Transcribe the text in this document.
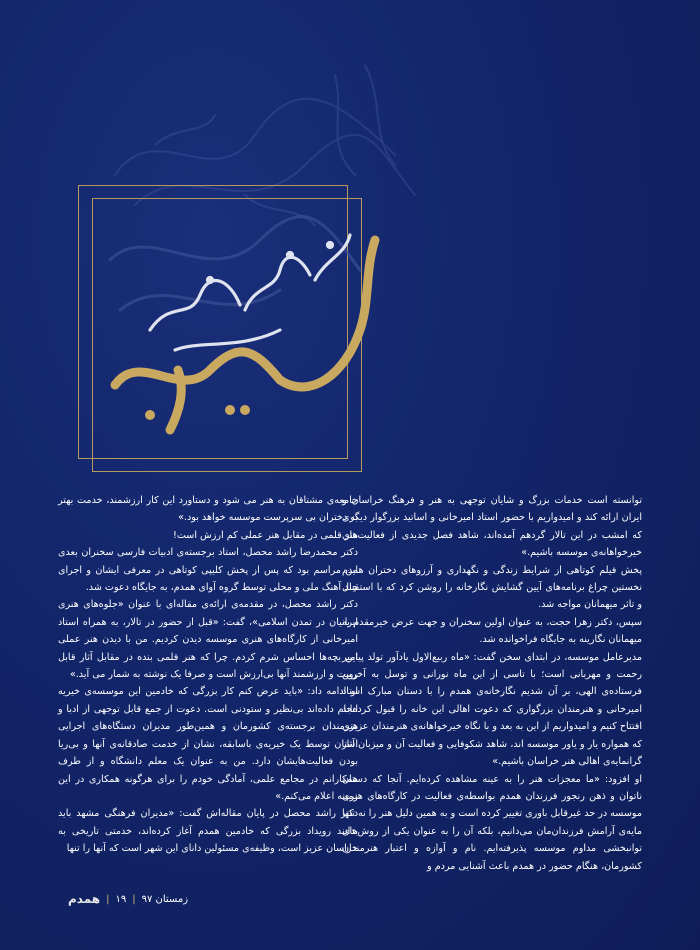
توانسته است خدمات بزرگ و شایان توجهی به هنر و فرهنگ خراسان و ایران ارائه کند و امیدواریم با حضور استاد امیرخانی و اساتید بزرگوار دیگری که امشب در این تالار گردهم آمده‌اند، شاهد فصل جدیدی از فعالیت‌های خیرخواهانه‌ی موسسه باشیم.»

پخش فیلم کوتاهی از شرایط زندگی و نگهداری و آرزوهای دختران همدم نخستین چراغ برنامه‌های آیین گشایش نگارخانه را روشن کرد که با استقبال و تاثر میهمانان مواجه شد.

سپس، دکتر زهرا حجت، به عنوان اولین سخنران و جهت عرض خیرمقدم به میهمانان نگارینه به جایگاه فراخوانده شد.

مدیرعامل موسسه، در ابتدای سخن گفت: «ماه ربیع‌الاول یادآور تولد پیامبر رحمت و مهربانی است؛ با تاسی از این ماه نورانی و توسل به آخرین فرستاده‌ی الهی، بر آن شدیم نگارخانه‌ی همدم را با دستان مبارک استاد امیرخانی و هنرمندان بزرگواری که دعوت اهالی این خانه را قبول کرده‌اند افتتاح کنیم و امیدواریم از این به بعد و با نگاه خیرخواهانه‌ی هنرمندان عزیزی که همواره یار و یاور موسسه اند، شاهد شکوفایی و فعالیت آن و میزبان آثار گرانمایه‌ی اهالی هنر خراسان باشیم.»

او افزود: «ما معجزات هنر را به عینه مشاهده کرده‌ایم. آنجا که دستان ناتوان و ذهن رنجور فرزندان همدم بواسطه‌ی فعالیت در کارگاه‌های هنری موسسه در حد غیرقابل باوری تغییر کرده است و به همین دلیل هنر را نه تنها مایه‌ی آرامش فرزندان‌مان می‌دانیم، بلکه آن را به عنوان یکی از روش‌های توانبخشی مداوم موسسه پذیرفته‌ایم. نام و آوازه و اعتبار هنرمندان کشورمان، هنگام حضور در همدم باعث آشنایی مردم و

جامعه‌ی مشتاقان به هنر می شود و دستاورد این کار ارزشمند، خدمت بهتر به دختران بی سرپرست موسسه خواهد بود.»

هنر قلمی در مقابل هنر عملی کم ارزش است!

دکتر محمدرضا راشد محصل، استاد برجسته‌ی ادبیات فارسی سخنران بعدی این مراسم بود که پس از پخش کلیپی کوتاهی در معرفی ایشان و اجرای چند آهنگ ملی و محلی توسط گروه آوای همدم، به جایگاه دعوت شد.

دکتر راشد محصل، در مقدمه‌ی ارائه‌ی مقاله‌ای با عنوان «جلوه‌های هنری ایرانیان در تمدن اسلامی»، گفت: «قبل از حضور در تالار، به همراه استاد امیرخانی از کارگاه‌های هنری موسسه دیدن کردیم. من با دیدن هنر عملی این بچه‌ها احساس شرم کردم. چرا که هنر قلمی بنده در مقابل آثار قابل رویت و ارزشمند آنها بی‌ارزش است و صرفا یک نوشته به شمار می آید.»

او ادامه داد: «باید عرض کنم کار بزرگی که خادمین این موسسه‌ی خیریه انجام داده‌اند بی‌نظیر و ستودنی است. دعوت از جمع قابل توجهی از ادبا و هنرمندان برجسته‌ی کشورمان و همین‌طور مدیران دستگاه‌های اجرایی استان توسط یک خیریه‌ی باسابقه، نشان از خدمت صادقانه‌ی آنها و بی‌ریا بودن فعالیت‌هایشان دارد. من به عنوان یک معلم دانشگاه و از طرف همکارانم در مجامع علمی، آمادگی خودم را برای هرگونه همکاری در این زمینه اعلام می‌کنم.»

دکتر راشد محصل در پایان مقاله‌اش گفت: «مدیران فرهنگی مشهد باید بدانند رویداد بزرگی که خادمین همدم آغاز کرده‌اند، خدمتی تاریخی به خراسان عزیز است، وظیفه‌ی مسئولین دانای این شهر است که آنها را تنها

زمستان ۹۷
|
۱۹
|
همدم
